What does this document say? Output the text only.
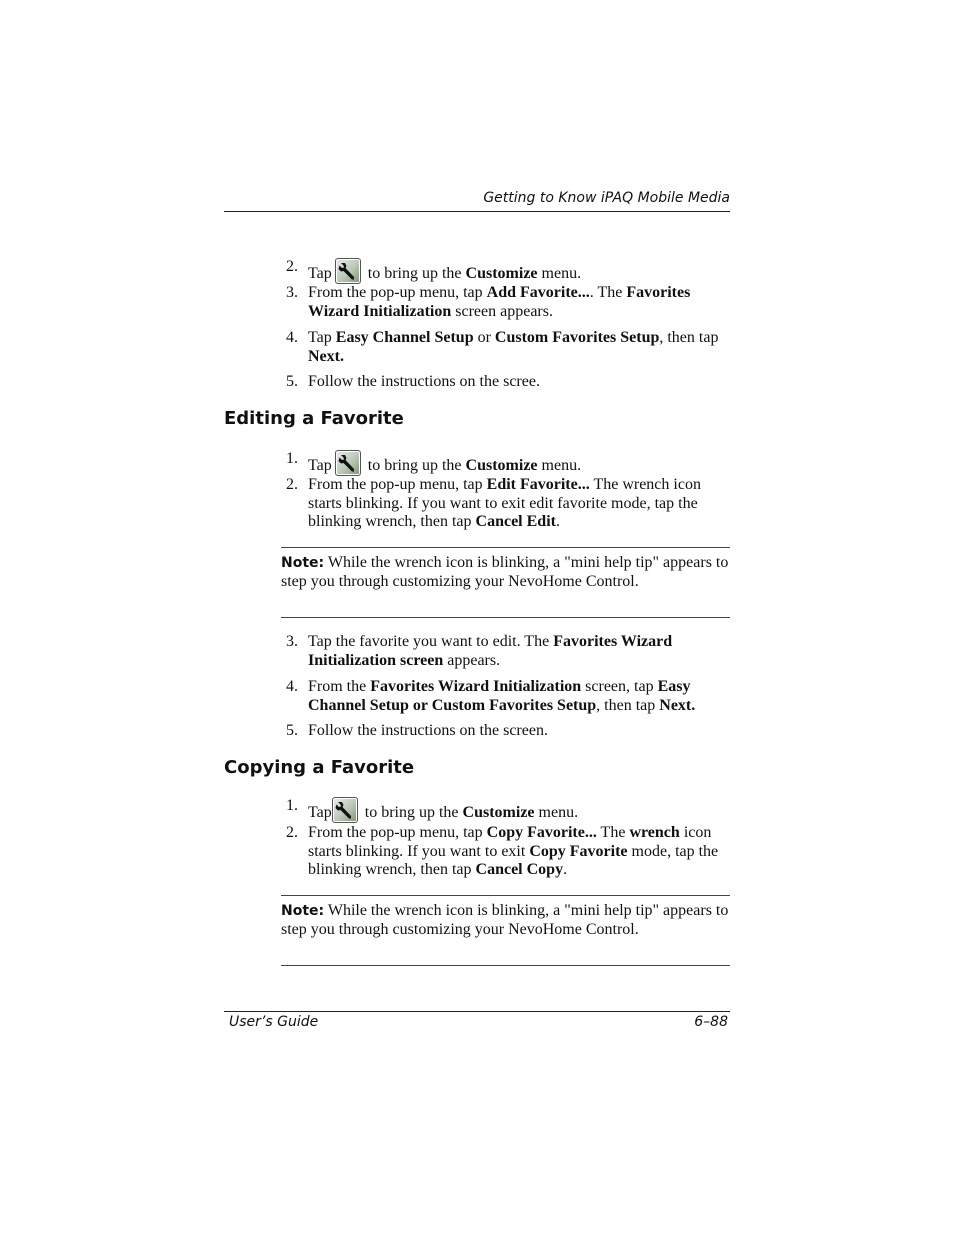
Getting to Know iPAQ Mobile Media
2. Tap
to bring up the Customize menu.
3. From the pop-up menu, tap Add Favorite.... The Favorites Wizard Initialization screen appears.
4. Tap Easy Channel Setup or Custom Favorites Setup, then tap Next.
5. Follow the instructions on the scree.
Editing a Favorite
1. Tap
to bring up the Customize menu.
2. From the pop-up menu, tap Edit Favorite... The wrench icon starts blinking. If you want to exit edit favorite mode, tap the blinking wrench, then tap Cancel Edit.
Note: While the wrench icon is blinking, a "mini help tip" appears to step you through customizing your NevoHome Control.
3. Tap the favorite you want to edit. The Favorites Wizard Initialization screen appears.
4. From the Favorites Wizard Initialization screen, tap Easy Channel Setup or Custom Favorites Setup, then tap Next.
5. Follow the instructions on the screen.
Copying a Favorite
1. Tap
to bring up the Customize menu.
2. From the pop-up menu, tap Copy Favorite... The wrench icon starts blinking. If you want to exit Copy Favorite mode, tap the blinking wrench, then tap Cancel Copy.
Note: While the wrench icon is blinking, a "mini help tip" appears to step you through customizing your NevoHome Control.
User’s Guide	6–88
